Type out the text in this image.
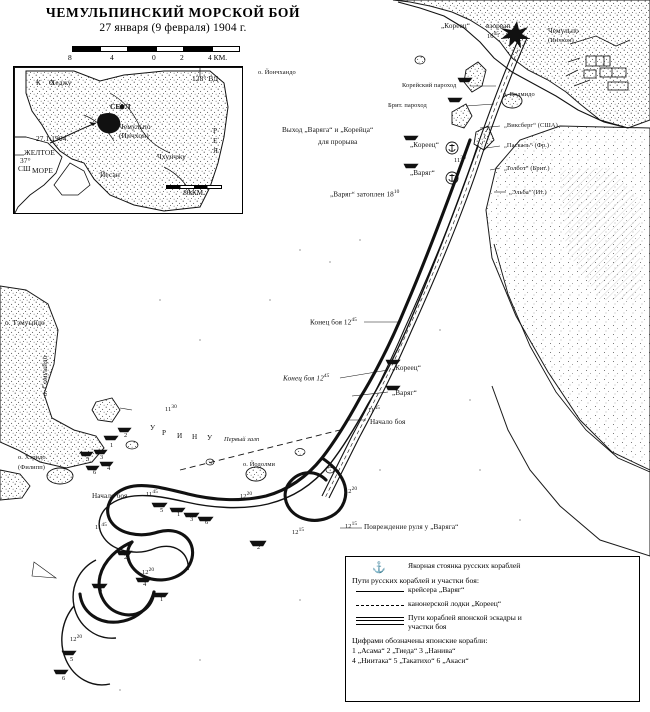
ЧЕМУЛЬПИНСКИЙ МОРСКОЙ БОЙ
27 января (9 февраля) 1904 г.
8	4	0	2	4 КМ.
К    О
Хеджу
СЕУЛ
Чемульпо
(Инчхон)
27.1.1904
ЖЕЛТОЕ
МОРЕ
37°
СШ
Чхунчжу
Йесан
128° ВД
Р
Е
Я
80 КМ.
„Кореец“ взорван
$16^{05}$	Чемульпо
(Инчхон)
о. Йончхандо
Корейский пароход
о. Водмидо
Брит. пароход
„Виксберг“ (США)
Выход „Варяга“ и „Корейца“
для прорыва	„Кореец“	„Паскаль“ (Фр.)
$11^{30}$
„Варяг“
„Толбот“ (Брит.)
„Варяг“ затоплен $18^{10}$	„Эльба“ (Ит.)
Конец боя $12^{45}$
Конец боя $12^{45}$
„Кореец“
„Варяг“
$11^{45}$
Начало боя
о. Тэмуыйдо
$11^{30}$
У
Р И Н У
о. Хэридо
(Филипп)
Первый залп
о. Йодолми
$11^{45}$
Начало боя	$12^{20}$	$12^{20}$
$12^{15}$	$12^{15}$ Повреждение руля у „Варяга“
$11^{45}$
$12^{20}$
$12^{20}$
5
6
1
2
3
5
4
6
5
1
3 6
2
2
3
4
1
о. Сомуыйдо
⚓	Якорная стоянка русских кораблей
Пути русских кораблей и участки боя:
крейсера „Варяг“
канонерской лодки „Кореец“
Пути кораблей японской эскадры и
участки боя
Цифрами обозначены японские корабли:
1 „Асама“ 2 „Тиеда“ 3 „Нанива“
4 „Ниитака“ 5 „Такатихо“ 6 „Акаси“
